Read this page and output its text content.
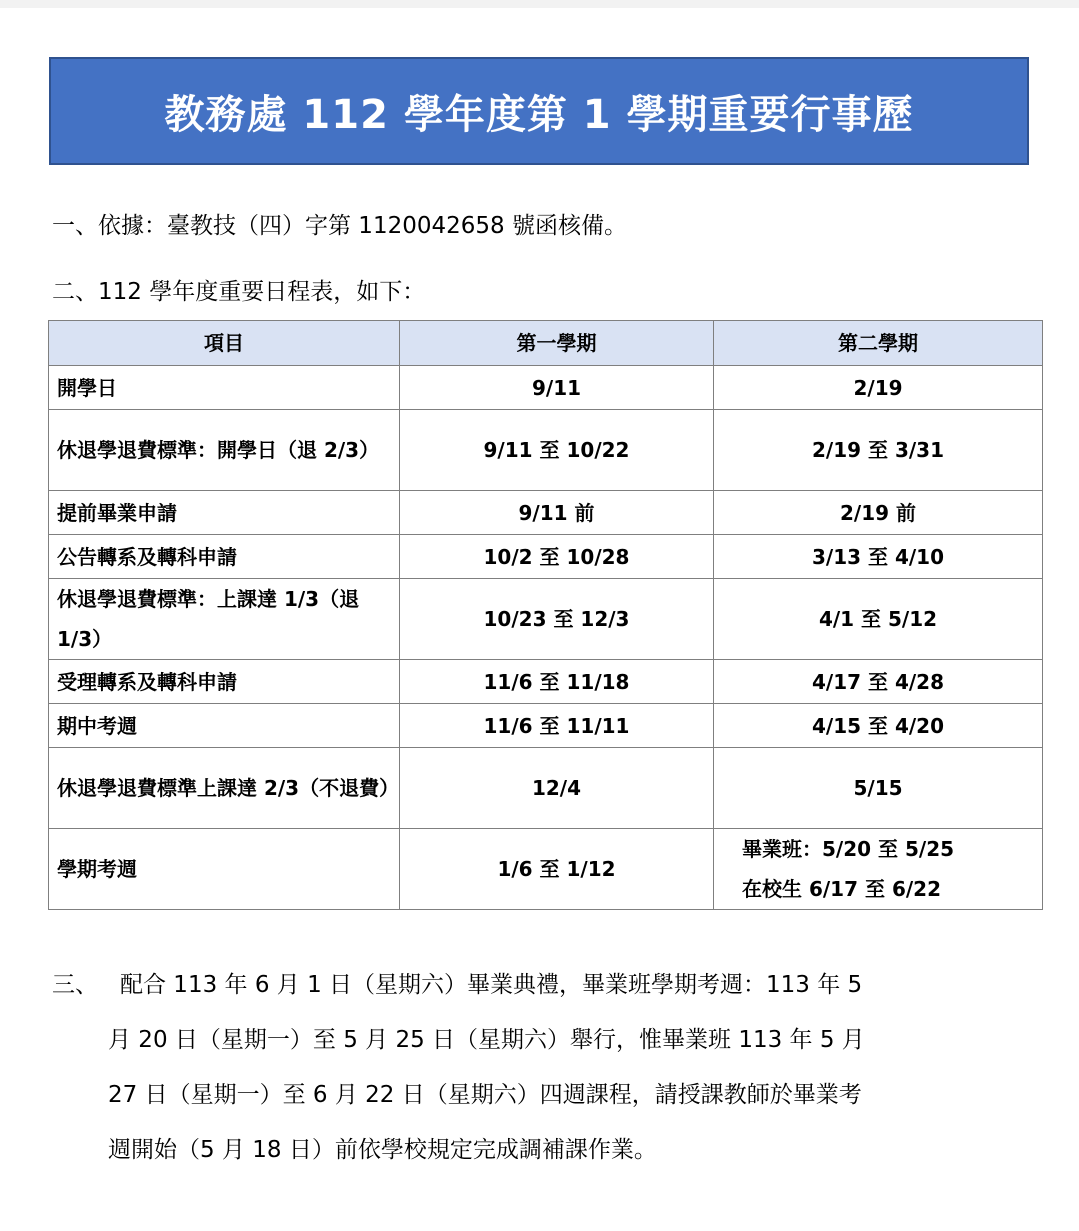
教務處 112 學年度第 1 學期重要行事歷
一、依據：臺教技（四）字第 1120042658 號函核備。
二、112 學年度重要日程表，如下：
項目	第一學期	第二學期
開學日	9/11	2/19
休退學退費標準：開學日（退 2/3）	9/11 至 10/22	2/19 至 3/31
提前畢業申請	9/11 前	2/19 前
公告轉系及轉科申請	10/2 至 10/28	3/13 至 4/10
休退學退費標準：上課達 1/3（退 1/3）	10/23 至 12/3	4/1 至 5/12
受理轉系及轉科申請	11/6 至 11/18	4/17 至 4/28
期中考週	11/6 至 11/11	4/15 至 4/20
休退學退費標準上課達 2/3（不退費）	12/4	5/15
學期考週	1/6 至 1/12	畢業班：5/20 至 5/25
在校生 6/17 至 6/22
三、 配合 113 年 6 月 1 日（星期六）畢業典禮，畢業班學期考週：113 年 5
月 20 日（星期一）至 5 月 25 日（星期六）舉行，惟畢業班 113 年 5 月
27 日（星期一）至 6 月 22 日（星期六）四週課程，請授課教師於畢業考
週開始（5 月 18 日）前依學校規定完成調補課作業。
